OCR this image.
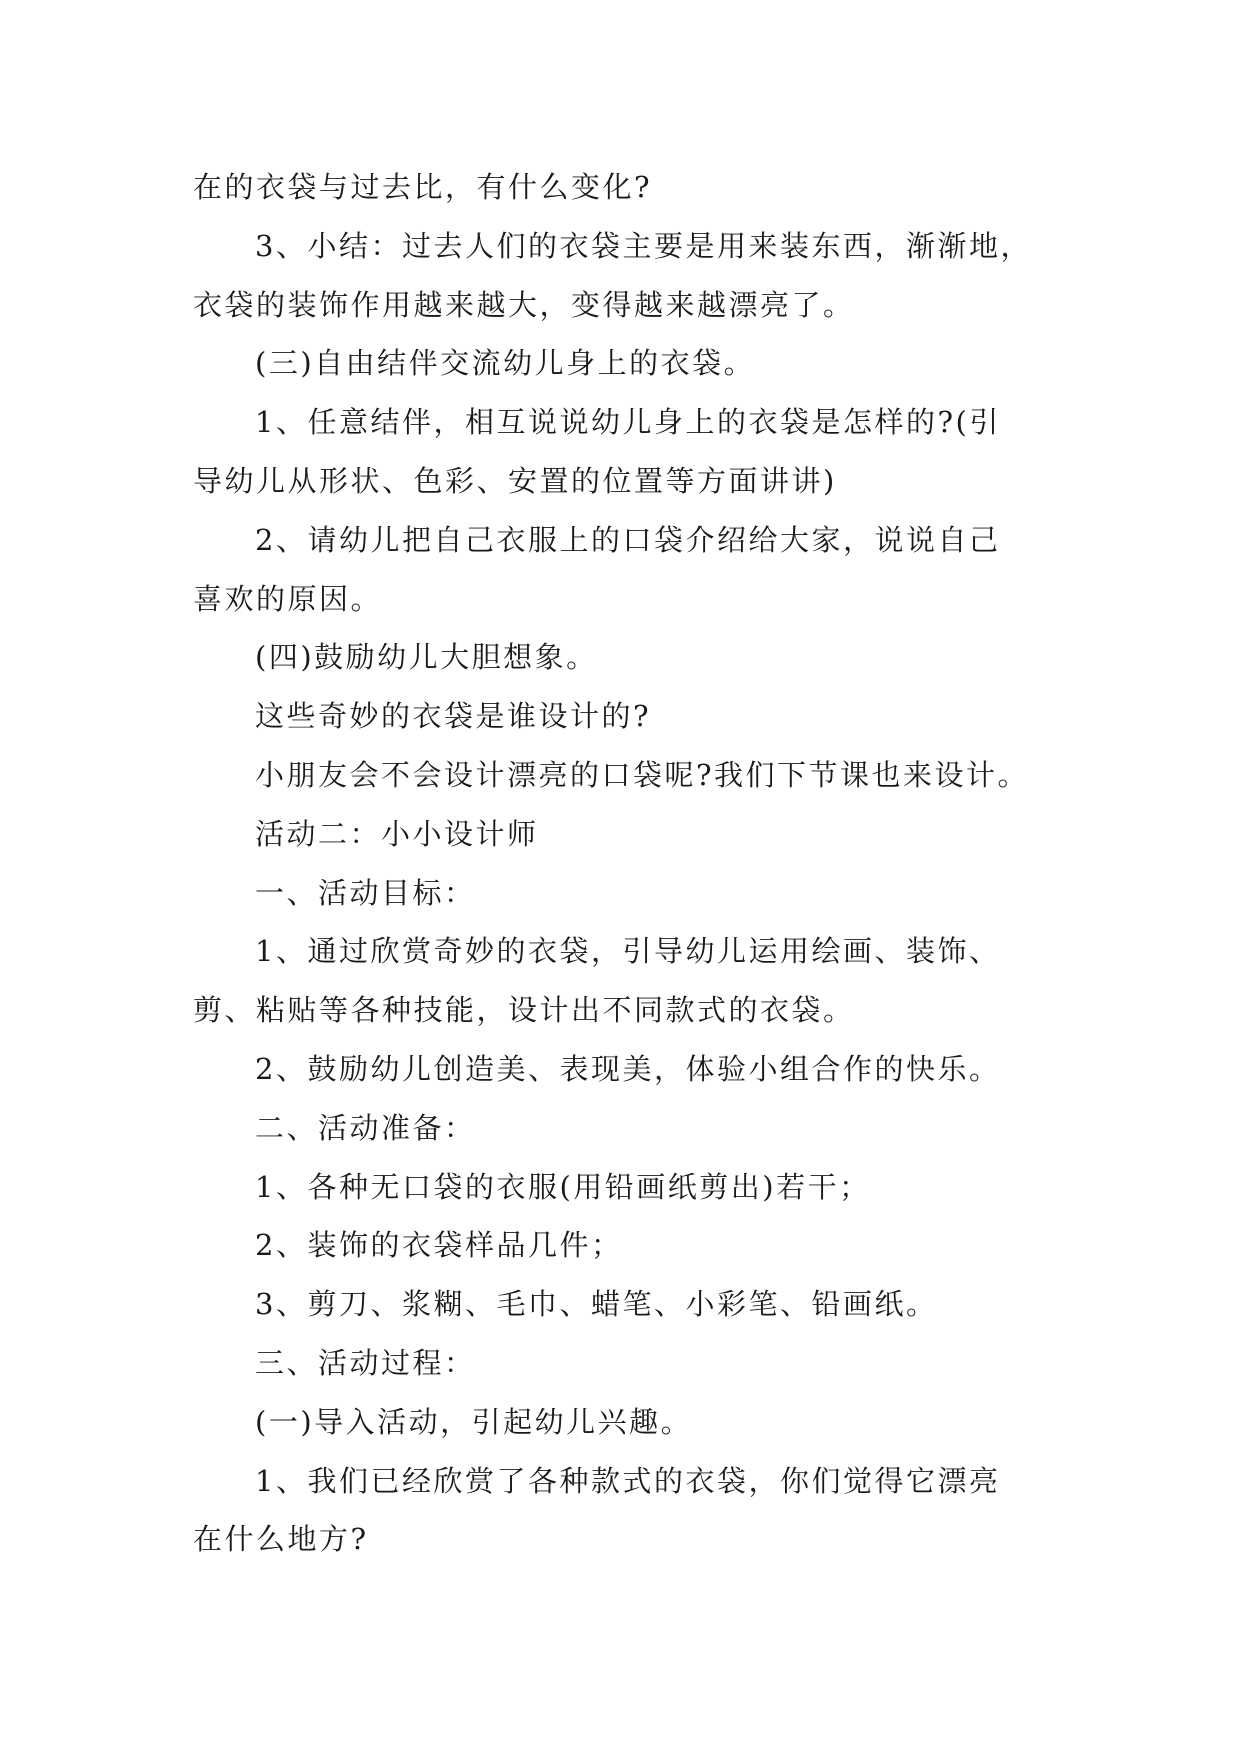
在的衣袋与过去比，有什么变化?
3、小结：过去人们的衣袋主要是用来装东西，渐渐地，
衣袋的装饰作用越来越大，变得越来越漂亮了。
(三)自由结伴交流幼儿身上的衣袋。
1、任意结伴，相互说说幼儿身上的衣袋是怎样的?(引
导幼儿从形状、色彩、安置的位置等方面讲讲)
2、请幼儿把自己衣服上的口袋介绍给大家，说说自己
喜欢的原因。
(四)鼓励幼儿大胆想象。
这些奇妙的衣袋是谁设计的?
小朋友会不会设计漂亮的口袋呢?我们下节课也来设计。
活动二：小小设计师
一、活动目标：
1、通过欣赏奇妙的衣袋，引导幼儿运用绘画、装饰、
剪、粘贴等各种技能，设计出不同款式的衣袋。
2、鼓励幼儿创造美、表现美，体验小组合作的快乐。
二、活动准备：
1、各种无口袋的衣服(用铅画纸剪出)若干；
2、装饰的衣袋样品几件；
3、剪刀、浆糊、毛巾、蜡笔、小彩笔、铅画纸。
三、活动过程：
(一)导入活动，引起幼儿兴趣。
1、我们已经欣赏了各种款式的衣袋，你们觉得它漂亮
在什么地方?
